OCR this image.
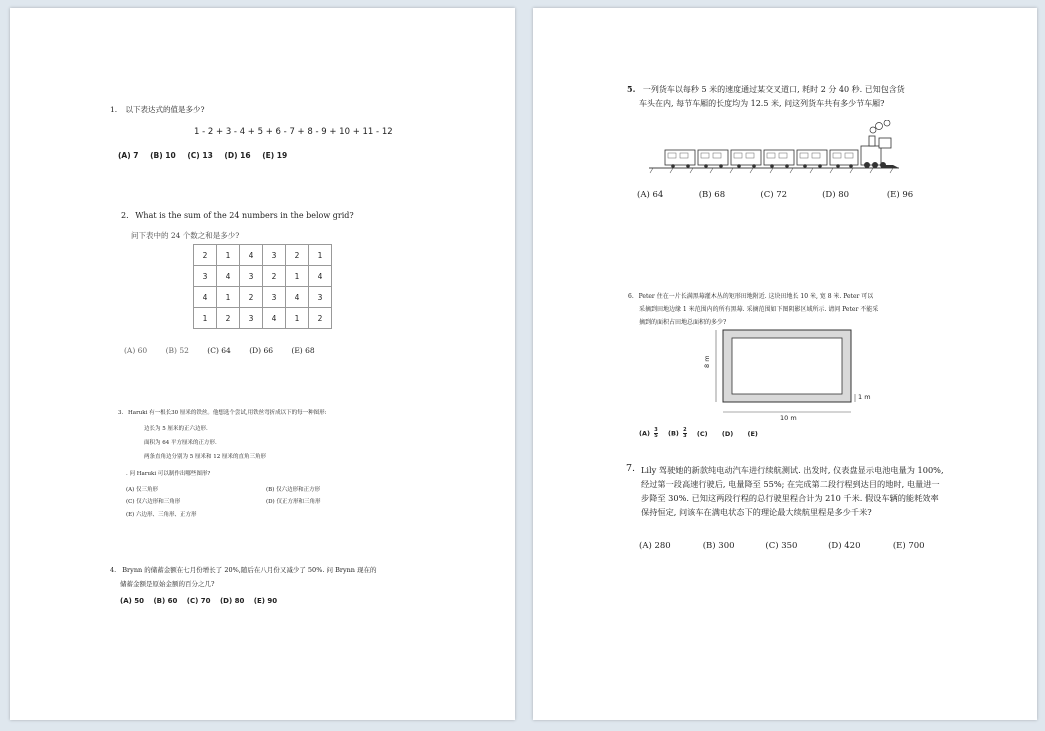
1. 以下表达式的值是多少?
1 - 2 + 3 - 4 + 5 + 6 - 7 + 8 - 9 + 10 + 11 - 12
(A) 7 (B) 10 (C) 13 (D) 16 (E) 19
2. What is the sum of the 24 numbers in the below grid?
问下表中的 24 个数之和是多少?
2	1	4	3	2	1
3	4	3	2	1	4
4	1	2	3	4	3
1	2	3	4	1	2
(A) 60 (B) 52 (C) 64 (D) 66 (E) 68
3. Haruki 有一根长30 厘米的铁丝。他想选个尝试,用铁丝弯折成以下的每一种图形:
边长为 5 厘米的正六边形.
面积为 64 平方厘米的正方形.
两条直角边分别为 5 厘米和 12 厘米的直角三角形
. 问 Haruki 可以制作出哪些图形?
(A) 仅三角形	(B) 仅六边形和正方形
(C) 仅六边形和三角形	(D) 仅正方形和三角形
(E) 六边形、三角形、正方形
4. Brynn 的储蓄金额在七月份增长了 20%,随后在八月份又减少了 50%. 问 Brynn 现在的
储蓄金额是原始金额的百分之几?
(A) 50 (B) 60 (C) 70 (D) 80 (E) 90
5. 一列货车以每秒 5 米的速度通过某交叉道口, 耗时 2 分 40 秒. 已知包含货
车头在内, 每节车厢的长度均为 12.5 米, 问这列货车共有多少节车厢?
(A) 64	(B) 68	(C) 72	(D) 80	(E) 96
6. Peter 住在一片长满黑莓灌木丛的矩形田地附近. 这块田地长 10 米, 宽 8 米. Peter 可以
采摘到田地边缘 1 米范围内的所有黑莓. 采摘范围如下图阴影区域所示. 请问 Peter 不能采
摘到的面积占田地总面积的多少?
8 m
10 m
1 m
$(A) \frac{3}{5} (B) \frac{2}{3} (C)$ (D) (E)
7. Lily 驾驶她的新款纯电动汽车进行续航测试. 出发时, 仪表盘显示电池电量为 100%, 经过第一段高速行驶后, 电量降至 55%; 在完成第二段行程到达目的地时, 电量进一步降至 30%. 已知这两段行程的总行驶里程合计为 210 千米. 假设车辆的能耗效率保持恒定, 问该车在满电状态下的理论最大续航里程是多少千米?
(A) 280	(B) 300	(C) 350	(D) 420	(E) 700
